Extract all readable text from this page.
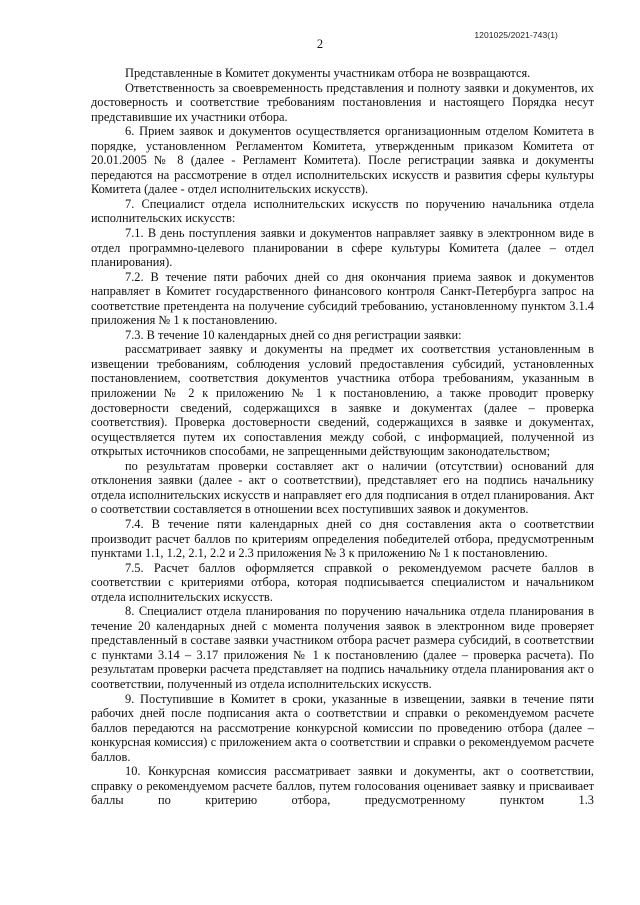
1201025/2021-743(1)
2

Представленные в Комитет документы участникам отбора не возвращаются.

Ответственность за своевременность представления и полноту заявки и документов, их достоверность и соответствие требованиям постановления и настоящего Порядка несут представившие их участники отбора.

6. Прием заявок и документов осуществляется организационным отделом Комитета в порядке, установленном Регламентом Комитета, утвержденным приказом Комитета от 20.01.2005 № 8 (далее - Регламент Комитета). После регистрации заявка и документы передаются на рассмотрение в отдел исполнительских искусств и развития сферы культуры Комитета (далее - отдел исполнительских искусств).

7. Специалист отдела исполнительских искусств по поручению начальника отдела исполнительских искусств:

7.1. В день поступления заявки и документов направляет заявку в электронном виде в отдел программно-целевого планировании в сфере культуры Комитета (далее – отдел планирования).

7.2. В течение пяти рабочих дней со дня окончания приема заявок и документов направляет в Комитет государственного финансового контроля Санкт-Петербурга запрос на соответствие претендента на получение субсидий требованию, установленному пунктом 3.1.4 приложения № 1 к постановлению.

7.3. В течение 10 календарных дней со дня регистрации заявки:

рассматривает заявку и документы на предмет их соответствия установленным в извещении требованиям, соблюдения условий предоставления субсидий, установленных постановлением, соответствия документов участника отбора требованиям, указанным в приложении № 2 к приложению № 1 к постановлению, а также проводит проверку достоверности сведений, содержащихся в заявке и документах (далее – проверка соответствия). Проверка достоверности сведений, содержащихся в заявке и документах, осуществляется путем их сопоставления между собой, с информацией, полученной из открытых источников способами, не запрещенными действующим законодательством;

по результатам проверки составляет акт о наличии (отсутствии) оснований для отклонения заявки (далее - акт о соответствии), представляет его на подпись начальнику отдела исполнительских искусств и направляет его для подписания в отдел планирования. Акт о соответствии составляется в отношении всех поступивших заявок и документов.

7.4. В течение пяти календарных дней со дня составления акта о соответствии производит расчет баллов по критериям определения победителей отбора, предусмотренным пунктами 1.1, 1.2, 2.1, 2.2 и 2.3 приложения № 3 к приложению № 1 к постановлению.

7.5. Расчет баллов оформляется справкой о рекомендуемом расчете баллов в соответствии с критериями отбора, которая подписывается специалистом и начальником отдела исполнительских искусств.

8. Специалист отдела планирования по поручению начальника отдела планирования в течение 20 календарных дней с момента получения заявок в электронном виде проверяет представленный в составе заявки участником отбора расчет размера субсидий, в соответствии с пунктами 3.14 – 3.17 приложения № 1 к постановлению (далее – проверка расчета). По результатам проверки расчета представляет на подпись начальнику отдела планирования акт о соответствии, полученный из отдела исполнительских искусств.

9. Поступившие в Комитет в сроки, указанные в извещении, заявки в течение пяти рабочих дней после подписания акта о соответствии и справки о рекомендуемом расчете баллов передаются на рассмотрение конкурсной комиссии по проведению отбора (далее – конкурсная комиссия) с приложением акта о соответствии и справки о рекомендуемом расчете баллов.

10. Конкурсная комиссия рассматривает заявки и документы, акт о соответствии, справку о рекомендуемом расчете баллов, путем голосования оценивает заявку и присваивает баллы по критерию отбора, предусмотренному пунктом 1.3
